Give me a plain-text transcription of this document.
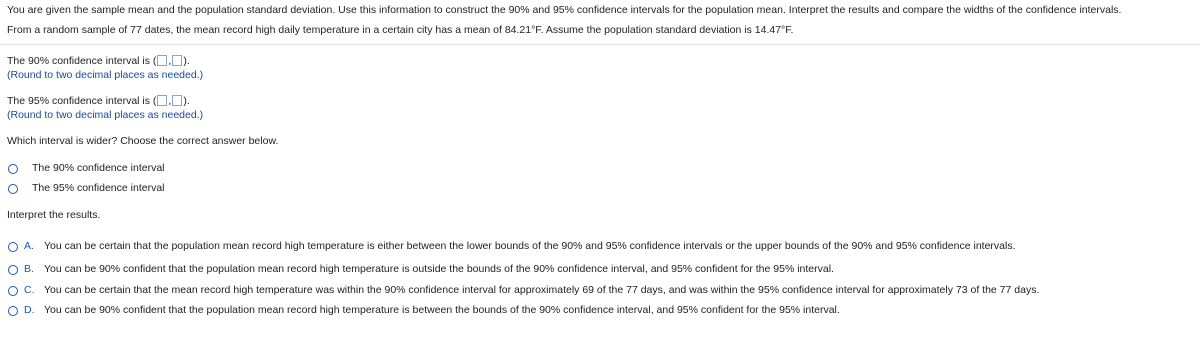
You are given the sample mean and the population standard deviation. Use this information to construct the 90% and 95% confidence intervals for the population mean. Interpret the results and compare the widths of the confidence intervals.
From a random sample of 77 dates, the mean record high daily temperature in a certain city has a mean of 84.21°F. Assume the population standard deviation is 14.47°F.
The 90% confidence interval is ( , ).
(Round to two decimal places as needed.)
The 95% confidence interval is ( , ).
(Round to two decimal places as needed.)
Which interval is wider? Choose the correct answer below.
The 90% confidence interval
The 95% confidence interval
Interpret the results.
A. You can be certain that the population mean record high temperature is either between the lower bounds of the 90% and 95% confidence intervals or the upper bounds of the 90% and 95% confidence intervals.
B. You can be 90% confident that the population mean record high temperature is outside the bounds of the 90% confidence interval, and 95% confident for the 95% interval.
C. You can be certain that the mean record high temperature was within the 90% confidence interval for approximately 69 of the 77 days, and was within the 95% confidence interval for approximately 73 of the 77 days.
D. You can be 90% confident that the population mean record high temperature is between the bounds of the 90% confidence interval, and 95% confident for the 95% interval.
